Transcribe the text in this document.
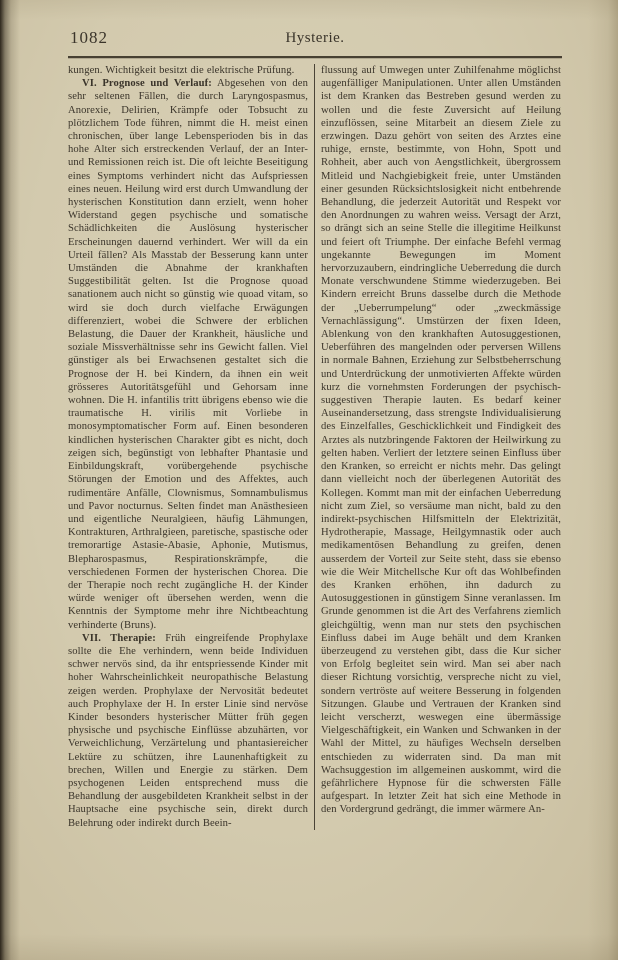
1082	Hysterie.

kungen. Wichtigkeit besitzt die elektrische Prüfung.

VI. Prognose und Verlauf: Abgesehen von den sehr seltenen Fällen, die durch Laryngospasmus, Anorexie, Delirien, Krämpfe oder Tobsucht zu plötzlichem Tode führen, nimmt die H. meist einen chronischen, über lange Lebensperioden bis in das hohe Alter sich erstreckenden Verlauf, der an Inter- und Remissionen reich ist. Die oft leichte Beseitigung eines Symptoms verhindert nicht das Aufspriessen eines neuen. Heilung wird erst durch Umwandlung der hysterischen Konstitution dann erzielt, wenn hoher Widerstand gegen psychische und somatische Schädlichkeiten die Auslösung hysterischer Erscheinungen dauernd verhindert. Wer will da ein Urteil fällen? Als Masstab der Besserung kann unter Umständen die Abnahme der krankhaften Suggestibilität gelten. Ist die Prognose quoad sanationem auch nicht so günstig wie quoad vitam, so wird sie doch durch vielfache Erwägungen differenziert, wobei die Schwere der erblichen Belastung, die Dauer der Krankheit, häusliche und soziale Missverhältnisse sehr ins Gewicht fallen. Viel günstiger als bei Erwachsenen gestaltet sich die Prognose der H. bei Kindern, da ihnen ein weit grösseres Autoritätsgefühl und Gehorsam inne wohnen. Die H. infantilis tritt übrigens ebenso wie die traumatische H. virilis mit Vorliebe in monosymptomatischer Form auf. Einen besonderen kindlichen hysterischen Charakter gibt es nicht, doch zeigen sich, begünstigt von lebhafter Phantasie und Einbildungskraft, vorübergehende psychische Störungen der Emotion und des Affektes, auch rudimentäre Anfälle, Clownismus, Somnambulismus und Pavor nocturnus. Selten findet man Anästhesieen und eigentliche Neuralgieen, häufig Lähmungen, Kontrakturen, Arthralgieen, paretische, spastische oder tremorartige Astasie-Abasie, Aphonie, Mutismus, Blepharospasmus, Respirationskrämpfe, die verschiedenen Formen der hysterischen Chorea. Die der Therapie noch recht zugängliche H. der Kinder würde weniger oft übersehen werden, wenn die Kenntnis der Symptome mehr ihre Nichtbeachtung verhinderte (Bruns).

VII. Therapie: Früh eingreifende Prophylaxe sollte die Ehe verhindern, wenn beide Individuen schwer nervös sind, da ihr entspriessende Kinder mit hoher Wahrscheinlichkeit neuropathische Belastung zeigen werden. Prophylaxe der Nervosität bedeutet auch Prophylaxe der H. In erster Linie sind nervöse Kinder besonders hysterischer Mütter früh gegen physische und psychische Einflüsse abzuhärten, vor Verweichlichung, Verzärtelung und phantasiereicher Lektüre zu schützen, ihre Launenhaftigkeit zu brechen, Willen und Energie zu stärken. Dem psychogenen Leiden entsprechend muss die Behandlung der ausgebildeten Krankheit selbst in der Hauptsache eine psychische sein, direkt durch Belehrung oder indirekt durch Beein-

flussung auf Umwegen unter Zuhilfenahme möglichst augenfälliger Manipulationen. Unter allen Umständen ist dem Kranken das Bestreben gesund werden zu wollen und die feste Zuversicht auf Heilung einzuflössen, seine Mitarbeit an diesem Ziele zu erzwingen. Dazu gehört von seiten des Arztes eine ruhige, ernste, bestimmte, von Hohn, Spott und Rohheit, aber auch von Aengstlichkeit, übergrossem Mitleid und Nachgiebigkeit freie, unter Umständen einer gesunden Rücksichtslosigkeit nicht entbehrende Behandlung, die jederzeit Autorität und Respekt vor den Anordnungen zu wahren weiss. Versagt der Arzt, so drängt sich an seine Stelle die illegitime Heilkunst und feiert oft Triumphe. Der einfache Befehl vermag ungekannte Bewegungen im Moment hervorzuzaubern, eindringliche Ueberredung die durch Monate verschwundene Stimme wiederzugeben. Bei Kindern erreicht Bruns dasselbe durch die Methode der „Ueberrumpelung“ oder „zweckmässige Vernachlässigung“. Umstürzen der fixen Ideen, Ablenkung von den krankhaften Autosuggestionen, Ueberführen des mangelnden oder perversen Willens in normale Bahnen, Erziehung zur Selbstbeherrschung und Unterdrückung der unmotivierten Affekte würden kurz die vornehmsten Forderungen der psychisch-suggestiven Therapie lauten. Es bedarf keiner Auseinandersetzung, dass strengste Individualisierung des Einzelfalles, Geschicklichkeit und Findigkeit des Arztes als nutzbringende Faktoren der Heilwirkung zu gelten haben. Verliert der letztere seinen Einfluss über den Kranken, so erreicht er nichts mehr. Das gelingt dann vielleicht noch der überlegenen Autorität des Kollegen. Kommt man mit der einfachen Ueberredung nicht zum Ziel, so versäume man nicht, bald zu den indirekt-psychischen Hilfsmitteln der Elektrizität, Hydrotherapie, Massage, Heilgymnastik oder auch medikamentösen Behandlung zu greifen, denen ausserdem der Vorteil zur Seite steht, dass sie ebenso wie die Weir Mitchellsche Kur oft das Wohlbefinden des Kranken erhöhen, ihn dadurch zu Autosuggestionen in günstigem Sinne veranlassen. Im Grunde genommen ist die Art des Verfahrens ziemlich gleichgültig, wenn man nur stets den psychischen Einfluss dabei im Auge behält und dem Kranken überzeugend zu verstehen gibt, dass die Kur sicher von Erfolg begleitet sein wird. Man sei aber nach dieser Richtung vorsichtig, verspreche nicht zu viel, sondern vertröste auf weitere Besserung in folgenden Sitzungen. Glaube und Vertrauen der Kranken sind leicht verscherzt, weswegen eine übermässige Vielgeschäftigkeit, ein Wanken und Schwanken in der Wahl der Mittel, zu häufiges Wechseln derselben entschieden zu widerraten sind. Da man mit Wachsuggestion im allgemeinen auskommt, wird die gefährlichere Hypnose für die schwersten Fälle aufgespart. In letzter Zeit hat sich eine Methode in den Vordergrund gedrängt, die immer wärmere An-
